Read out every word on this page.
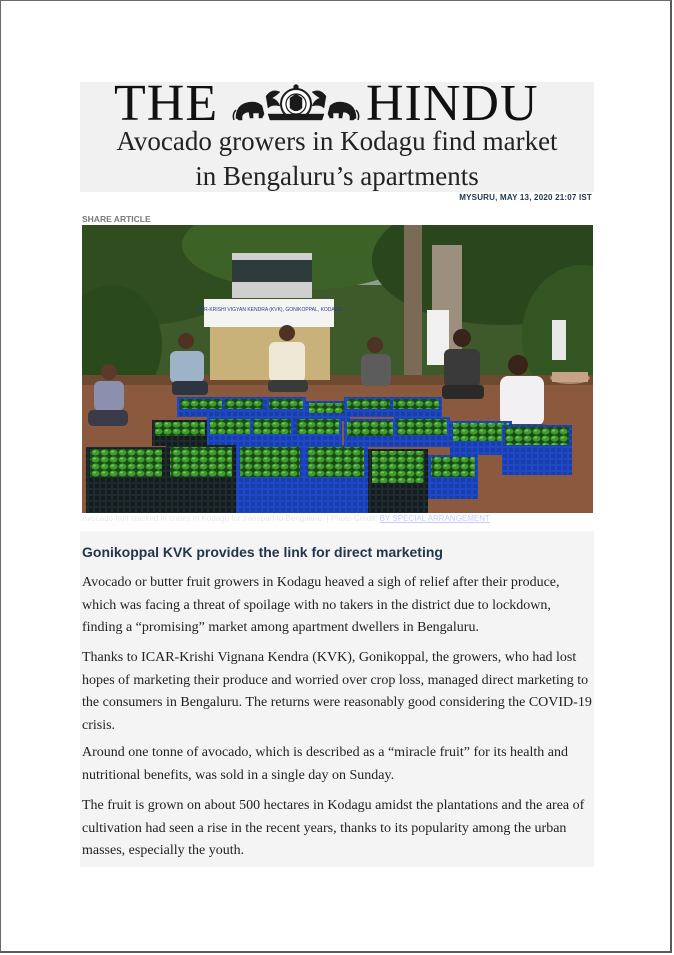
THE	HINDU
Avocado growers in Kodagu find market
in Bengaluru’s apartments
MYSURU, MAY 13, 2020 21:07 IST
SHARE ARTICLE
ICAR-KRISHI VIGYAN KENDRA (KVK), GONIKOPPAL, KODAGU
Avocado fruit stacked in crates in Kodagu for transport to Bengaluru. | Photo Credit: BY SPECIAL ARRANGEMENT
Gonikoppal KVK provides the link for direct marketing

Avocado or butter fruit growers in Kodagu heaved a sigh of relief after their produce, which was facing a threat of spoilage with no takers in the district due to lockdown, finding a “promising” market among apartment dwellers in Bengaluru.

Thanks to ICAR-Krishi Vignana Kendra (KVK), Gonikoppal, the growers, who had lost hopes of marketing their produce and worried over crop loss, managed direct marketing to the consumers in Bengaluru. The returns were reasonably good considering the COVID-19 crisis.

Around one tonne of avocado, which is described as a “miracle fruit” for its health and nutritional benefits, was sold in a single day on Sunday.

The fruit is grown on about 500 hectares in Kodagu amidst the plantations and the area of cultivation had seen a rise in the recent years, thanks to its popularity among the urban masses, especially the youth.
